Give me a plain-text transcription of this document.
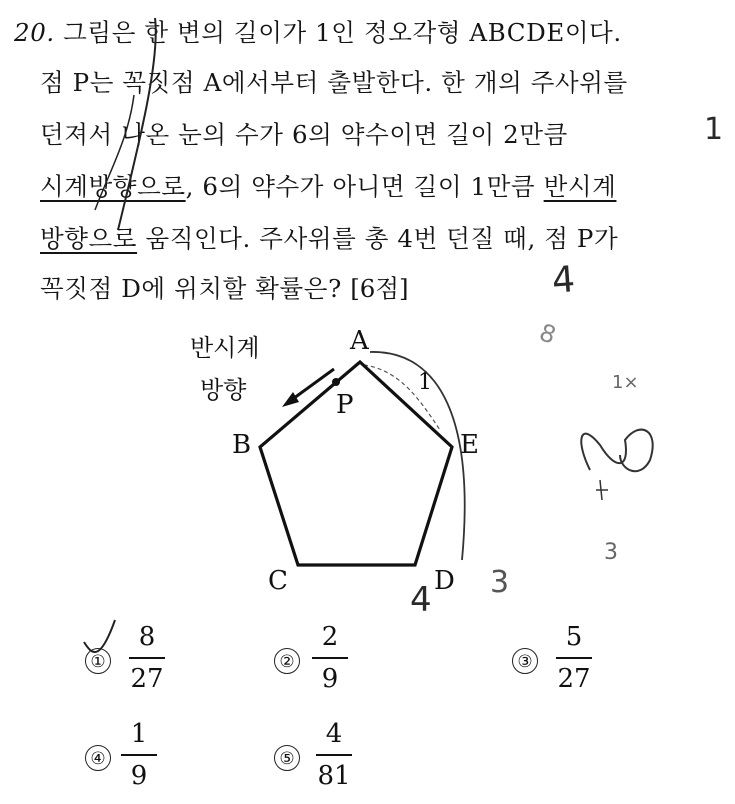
20. 그림은 한 변의 길이가 1인 정오각형 ABCDE이다.
점 P는 꼭짓점 A에서부터 출발한다. 한 개의 주사위를
던져서 나온 눈의 수가 6의 약수이면 길이 2만큼
시계방향으로, 6의 약수가 아니면 길이 1만큼 반시계
방향으로 움직인다. 주사위를 총 4번 던질 때, 점 P가
꼭짓점 D에 위치할 확률은? [6점]	4
1
8
1×
4 3
3
반시계
방향
A
B
C	D
E
P
1
①
8
27
②
2
9
③
5
27
④
1
9
⑤
4
81
